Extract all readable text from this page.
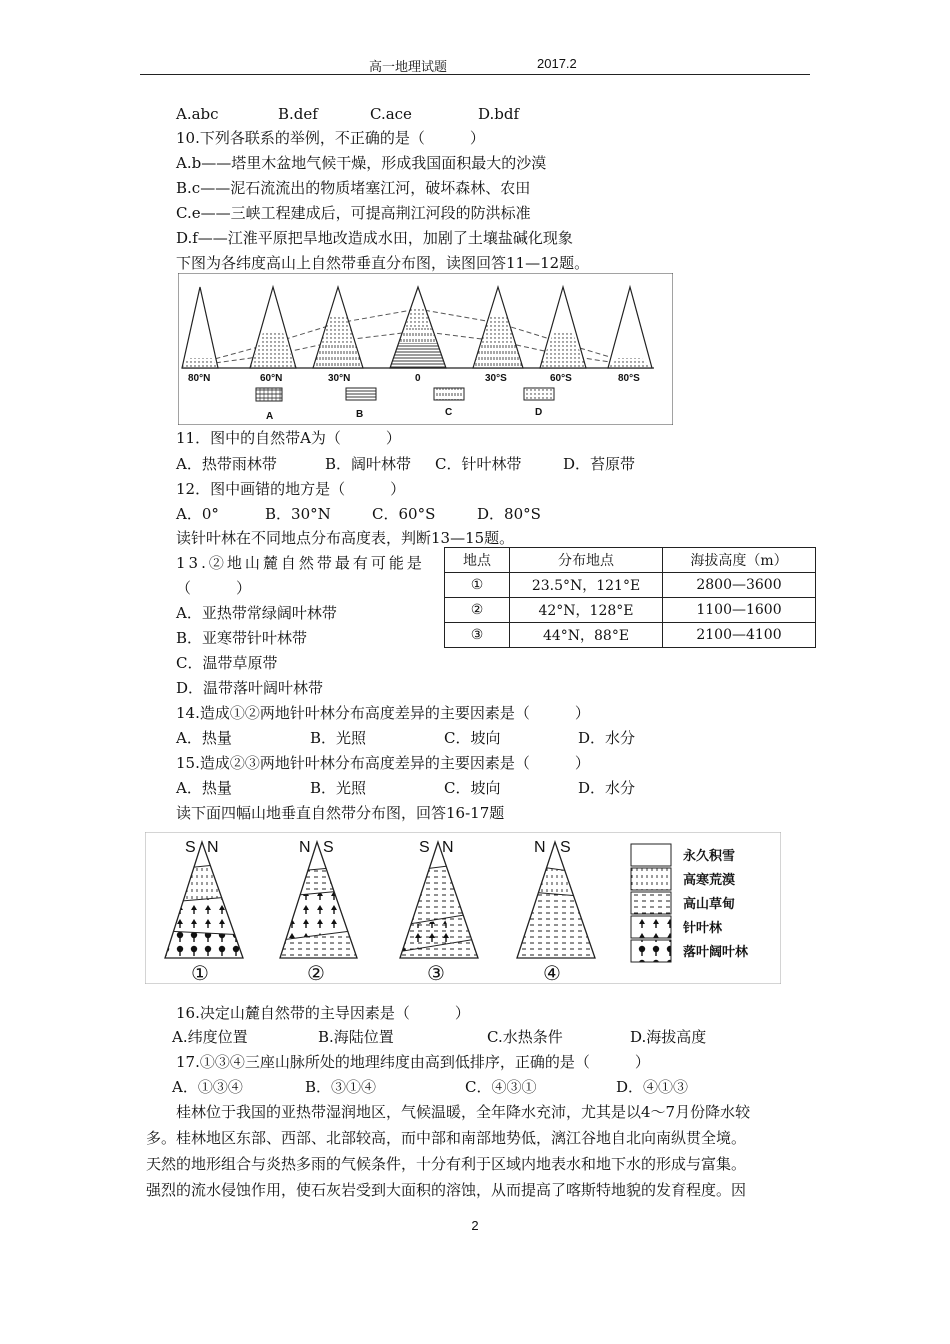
高一地理试题	2017.2
A.abc	B.def	C.ace	D.bdf
10.下列各联系的举例，不正确的是（　　　）
A.b——塔里木盆地气候干燥，形成我国面积最大的沙漠
B.c——泥石流流出的物质堵塞江河，破坏森林、农田
C.e——三峡工程建成后，可提高荆江河段的防洪标准
D.f——江淮平原把旱地改造成水田，加剧了土壤盐碱化现象
下图为各纬度高山上自然带垂直分布图，读图回答11—12题。
80°N	60°N	30°N	0	30°S	60°S	80°S
A	B	C	D
11．图中的自然带A为（　　　）
A．热带雨林带	B．阔叶林带 C．针叶林带	D．苔原带
12．图中画错的地方是（　　　）
A．0°	B．30°N	C．60°S	D．80°S
读针叶林在不同地点分布高度表，判断13—15题。
13.②地山麓自然带最有可能是
（　　　）
A．亚热带常绿阔叶林带
B．亚寒带针叶林带
C．温带草原带
D．温带落叶阔叶林带
地点	分布地点	海拔高度（m）
①	23.5°N，121°E	2800—3600
②	42°N，128°E	1100—1600
③	44°N，88°E	2100—4100
14.造成①②两地针叶林分布高度差异的主要因素是（　　　）
A．热量	B．光照	C．坡向	D．水分
15.造成②③两地针叶林分布高度差异的主要因素是（　　　）
A．热量	B．光照	C．坡向	D．水分
读下面四幅山地垂直自然带分布图，回答16-17题
S N	N S	S N	N S
①	②	③	④
永久积雪
高寒荒漠
高山草甸
针叶林
落叶阔叶林
16.决定山麓自然带的主导因素是（　　　）
A.纬度位置	B.海陆位置	C.水热条件	D.海拔高度
17.①③④三座山脉所处的地理纬度由高到低排序，正确的是（　　　）
A．①③④	B．③①④	C．④③①	D．④①③

　　桂林位于我国的亚热带湿润地区，气候温暖，全年降水充沛，尤其是以4～7月份降水较

多。桂林地区东部、西部、北部较高，而中部和南部地势低，漓江谷地自北向南纵贯全境。

天然的地形组合与炎热多雨的气候条件，十分有利于区域内地表水和地下水的形成与富集。

强烈的流水侵蚀作用，使石灰岩受到大面积的溶蚀，从而提高了喀斯特地貌的发育程度。因

2
